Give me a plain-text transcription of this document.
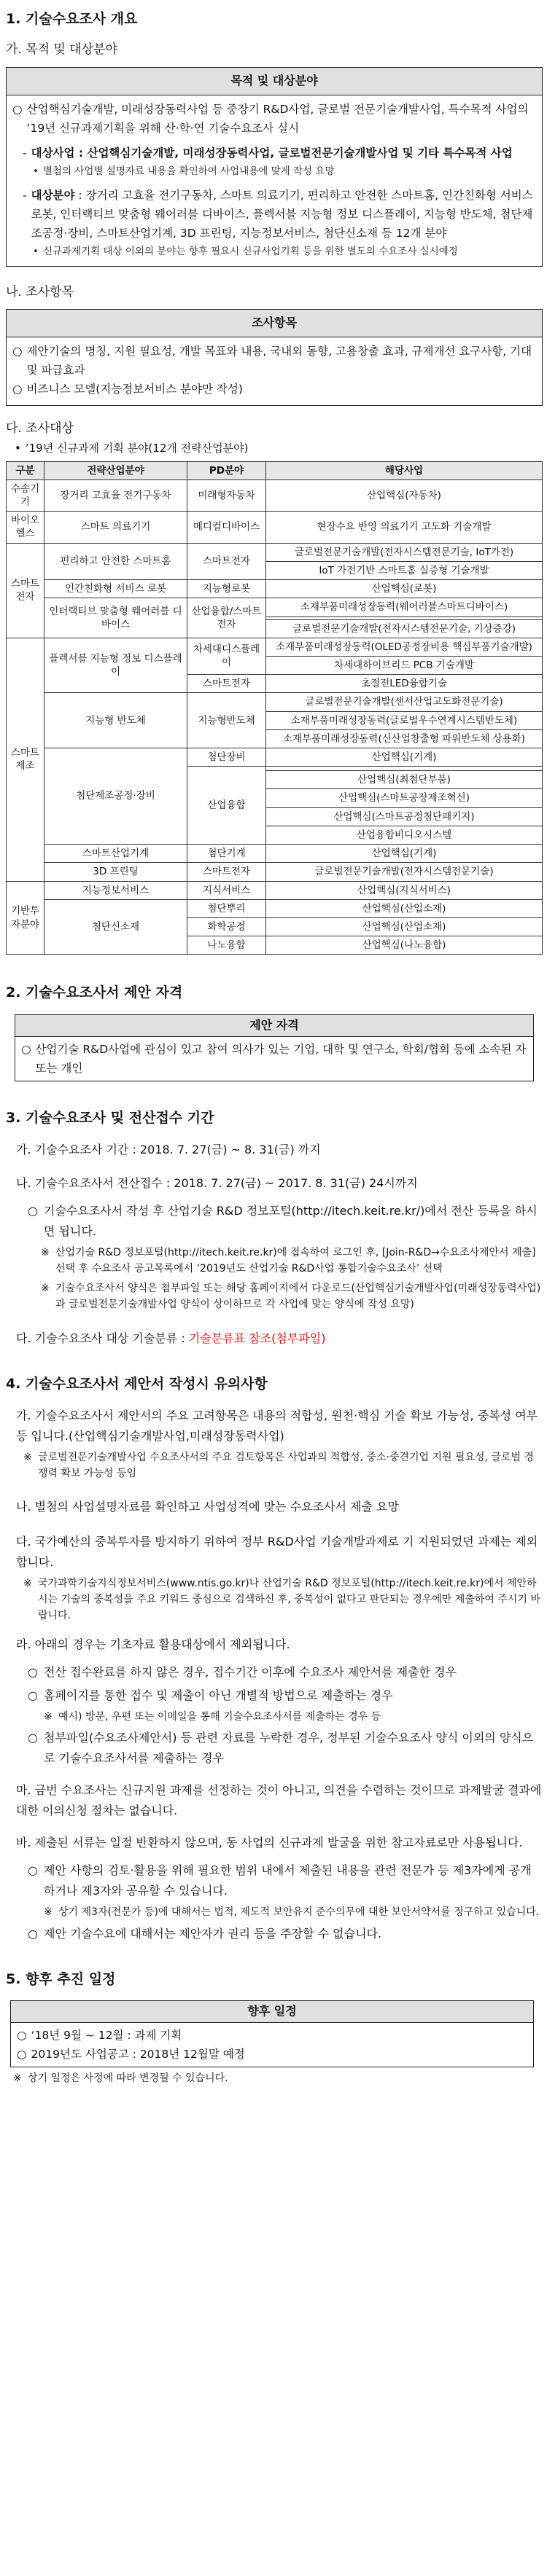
1. 기술수요조사 개요
가. 목적 및 대상분야
목적 및 대상분야
○ 산업핵심기술개발, 미래성장동력사업 등 중장기 R&D사업, 글로벌 전문기술개발사업, 특수목적 사업의 ’19년 신규과제기획을 위해 산·학·연 기술수요조사 실시
- 대상사업 : 산업핵심기술개발, 미래성장동력사업, 글로벌전문기술개발사업 및 기타 특수목적 사업
• 별첨의 사업별 설명자료 내용을 확인하여 사업내용에 맞게 작성 요망
- 대상분야 : 장거리 고효율 전기구동차, 스마트 의료기기, 편리하고 안전한 스마트홈, 인간친화형 서비스 로봇, 인터랙티브 맞춤형 웨어러블 디바이스, 플렉서블 지능형 정보 디스플레이, 지능형 반도체, 첨단제조공정·장비, 스마트산업기계, 3D 프린팅, 지능정보서비스, 첨단신소재 등 12개 분야
• 신규과제기획 대상 이외의 분야는 향후 필요시 신규사업기획 등을 위한 별도의 수요조사 실시예정
나. 조사항목
조사항목
○ 제안기술의 명칭, 지원 필요성, 개발 목표와 내용, 국내외 동향, 고용창출 효과, 규제개선 요구사항, 기대 및 파급효과
○ 비즈니스 모델(지능정보서비스 분야만 작성)
다. 조사대상
• ’19년 신규과제 기획 분야(12개 전략산업분야)
구분	전략산업분야	PD분야	해당사업
수송기기	장거리 고효율 전기구동차	미래형자동차	산업핵심(자동차)
바이오헬스	스마트 의료기기	메디컬디바이스	현장수요 반영 의료기기 고도화 기술개발
스마트전자	편리하고 안전한 스마트홈	스마트전자	글로벌전문기술개발(전자시스템전문기술, IoT가전)
			IoT 가전기반 스마트홈 실증형 기술개발
	인간친화형 서비스 로봇	지능형로봇	산업핵심(로봇)
	인터랙티브 맞춤형 웨어러블 디바이스	산업융합/스마트전자	소재부품미래성장동력(웨어러블스마트디바이스)

			글로벌전문기술개발(전자시스템전문기술, 기상증강)
스마트제조	플렉서블 지능형 정보 디스플레이	차세대디스플레이	소재부품미래성장동력(OLED공정장비용 핵심부품기술개발)
			차세대하이브리드 PCB 기술개발
		스마트전자	초절전LED융합기술
	지능형 반도체	지능형반도체	글로벌전문기술개발(센서산업고도화전문기술)
			소재부품미래성장동력(글로벌우수연계시스템반도체)
			소재부품미래성장동력(신산업창출형 파워반도체 상용화)
	첨단제조공정·장비	첨단장비	산업핵심(기계)
		산업융합	
			산업핵심(최첨단부품)
			산업핵심(스마트공장제조혁신)
			산업핵심(스마트공정첨단패키지)
			산업융합비디오시스템
	스마트산업기계	첨단기계	산업핵심(기계)
	3D 프린팅	스마트전자	글로벌전문기술개발(전자시스템전문기술)
기반투자분야	지능정보서비스	지식서비스	산업핵심(지식서비스)
	첨단신소재	첨단뿌리	산업핵심(산업소재)
		화학공정	산업핵심(산업소재)
		나노융합	산업핵심(나노융합)
2. 기술수요조사서 제안 자격
제안 자격
○ 산업기술 R&D사업에 관심이 있고 참여 의사가 있는 기업, 대학 및 연구소, 학회/협회 등에 소속된 자 또는 개인
3. 기술수요조사 및 전산접수 기간
가. 기술수요조사 기간 : 2018. 7. 27(금) ~ 8. 31(금) 까지
나. 기술수요조사서 전산접수 : 2018. 7. 27(금) ~ 2017. 8. 31(금) 24시까지
○ 기술수요조사서 작성 후 산업기술 R&D 정보포털(http://itech.keit.re.kr/)에서 전산 등록을 하시면 됩니다.
※ 산업기술 R&D 정보포털(http://itech.keit.re.kr)에 접속하여 로그인 후, [Join-R&D→수요조사제안서 제출] 선택 후 수요조사 공고목록에서 ‘2019년도 산업기술 R&D사업 통합기술수요조사’ 선택
※ 기술수요조사서 양식은 첨부파일 또는 해당 홈페이지에서 다운로드(산업핵심기술개발사업(미래성장동력사업)과 글로벌전문기술개발사업 양식이 상이하므로 각 사업에 맞는 양식에 작성 요망)
다. 기술수요조사 대상 기술분류 : 기술분류표 참조(첨부파일)
4. 기술수요조사서 제안서 작성시 유의사항
가. 기술수요조사서 제안서의 주요 고려항목은 내용의 적합성, 원천·핵심 기술 확보 가능성, 중복성 여부 등 입니다.(산업핵심기술개발사업,미래성장동력사업)
※ 글로벌전문기술개발사업 수요조사서의 주요 검토항목은 사업과의 적합성, 중소·중견기업 지원 필요성, 글로벌 경쟁력 확보 가능성 등임
나. 별첨의 사업설명자료를 확인하고 사업성격에 맞는 수요조사서 제출 요망
다. 국가예산의 중복투자를 방지하기 위하여 정부 R&D사업 기술개발과제로 기 지원되었던 과제는 제외합니다.
※ 국가과학기술지식정보서비스(www.ntis.go.kr)나 산업기술 R&D 정보포털(http://itech.keit.re.kr)에서 제안하시는 기술의 중복성을 주요 키워드 중심으로 검색하신 후, 중복성이 없다고 판단되는 경우에만 제출하여 주시기 바랍니다.
라. 아래의 경우는 기초자료 활용대상에서 제외됩니다.
○ 전산 접수완료를 하지 않은 경우, 접수기간 이후에 수요조사 제안서를 제출한 경우
○ 홈페이지를 통한 접수 및 제출이 아닌 개별적 방법으로 제출하는 경우
※ 예시) 방문, 우편 또는 이메일을 통해 기술수요조사서를 제출하는 경우 등
○ 첨부파일(수요조사제안서) 등 관련 자료를 누락한 경우, 정부된 기술수요조사 양식 이외의 양식으로 기술수요조사서를 제출하는 경우
마. 금번 수요조사는 신규지원 과제를 선정하는 것이 아니고, 의견을 수렴하는 것이므로 과제발굴 결과에 대한 이의신청 절차는 없습니다.
바. 제출된 서류는 일절 반환하지 않으며, 동 사업의 신규과제 발굴을 위한 참고자료로만 사용됩니다.
○ 제안 사항의 검토·활용을 위해 필요한 범위 내에서 제출된 내용을 관련 전문가 등 제3자에게 공개하거나 제3자와 공유할 수 있습니다.
※ 상기 제3자(전문가 등)에 대해서는 법적, 제도적 보안유지 준수의무에 대한 보안서약서를 징구하고 있습니다.
○ 제안 기술수요에 대해서는 제안자가 권리 등을 주장할 수 없습니다.
5. 향후 추진 일정
향후 일정
○ ‘18년 9월 ~ 12월 : 과제 기획
○ 2019년도 사업공고 : 2018년 12월말 예정
※ 상기 일정은 사정에 따라 변경될 수 있습니다.
